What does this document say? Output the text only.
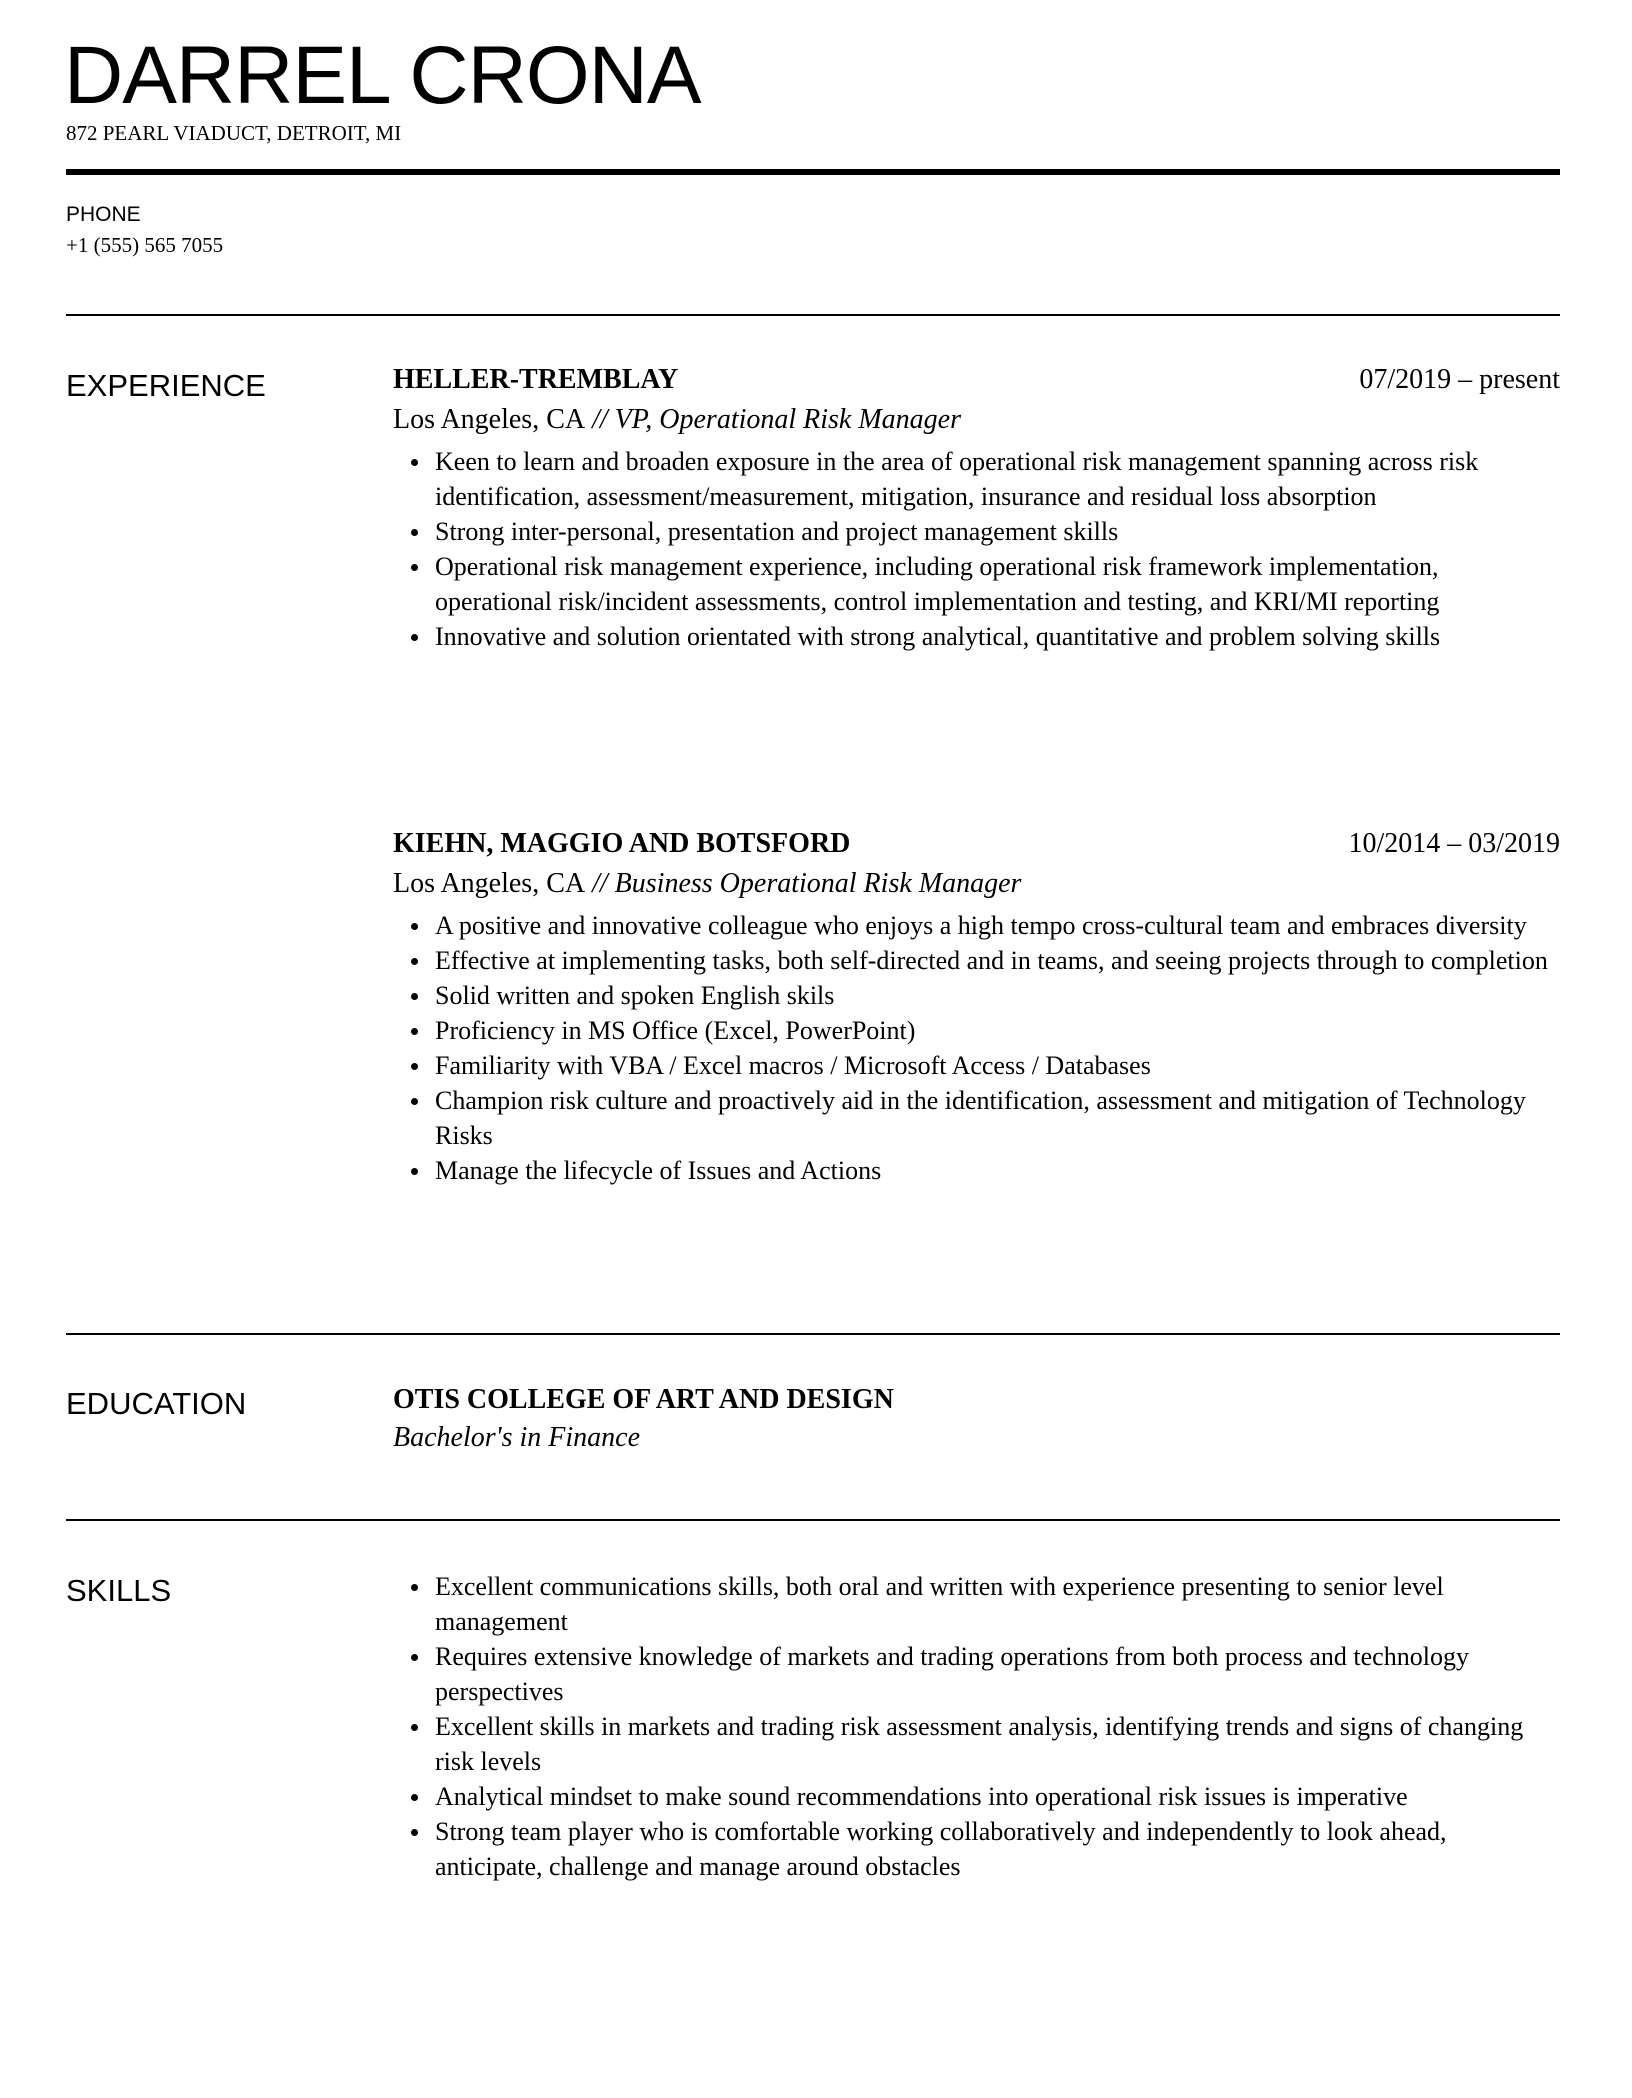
DARREL CRONA
872 PEARL VIADUCT, DETROIT, MI
PHONE
+1 (555) 565 7055
EXPERIENCE	HELLER-TREMBLAY	07/2019 – present
Los Angeles, CA // VP, Operational Risk Manager
Keen to learn and broaden exposure in the area of operational risk management spanning across risk identification, assessment/measurement, mitigation, insurance and residual loss absorption
Strong inter-personal, presentation and project management skills
Operational risk management experience, including operational risk framework implementation, operational risk/incident assessments, control implementation and testing, and KRI/MI reporting
Innovative and solution orientated with strong analytical, quantitative and problem solving skills
KIEHN, MAGGIO AND BOTSFORD	10/2014 – 03/2019
Los Angeles, CA // Business Operational Risk Manager
A positive and innovative colleague who enjoys a high tempo cross-cultural team and embraces diversity
Effective at implementing tasks, both self-directed and in teams, and seeing projects through to completion
Solid written and spoken English skils
Proficiency in MS Office (Excel, PowerPoint)
Familiarity with VBA / Excel macros / Microsoft Access / Databases
Champion risk culture and proactively aid in the identification, assessment and mitigation of Technology Risks
Manage the lifecycle of Issues and Actions
EDUCATION	OTIS COLLEGE OF ART AND DESIGN
Bachelor's in Finance
SKILLS	Excellent communications skills, both oral and written with experience presenting to senior level management
Requires extensive knowledge of markets and trading operations from both process and technology perspectives
Excellent skills in markets and trading risk assessment analysis, identifying trends and signs of changing risk levels
Analytical mindset to make sound recommendations into operational risk issues is imperative
Strong team player who is comfortable working collaboratively and independently to look ahead, anticipate, challenge and manage around obstacles
